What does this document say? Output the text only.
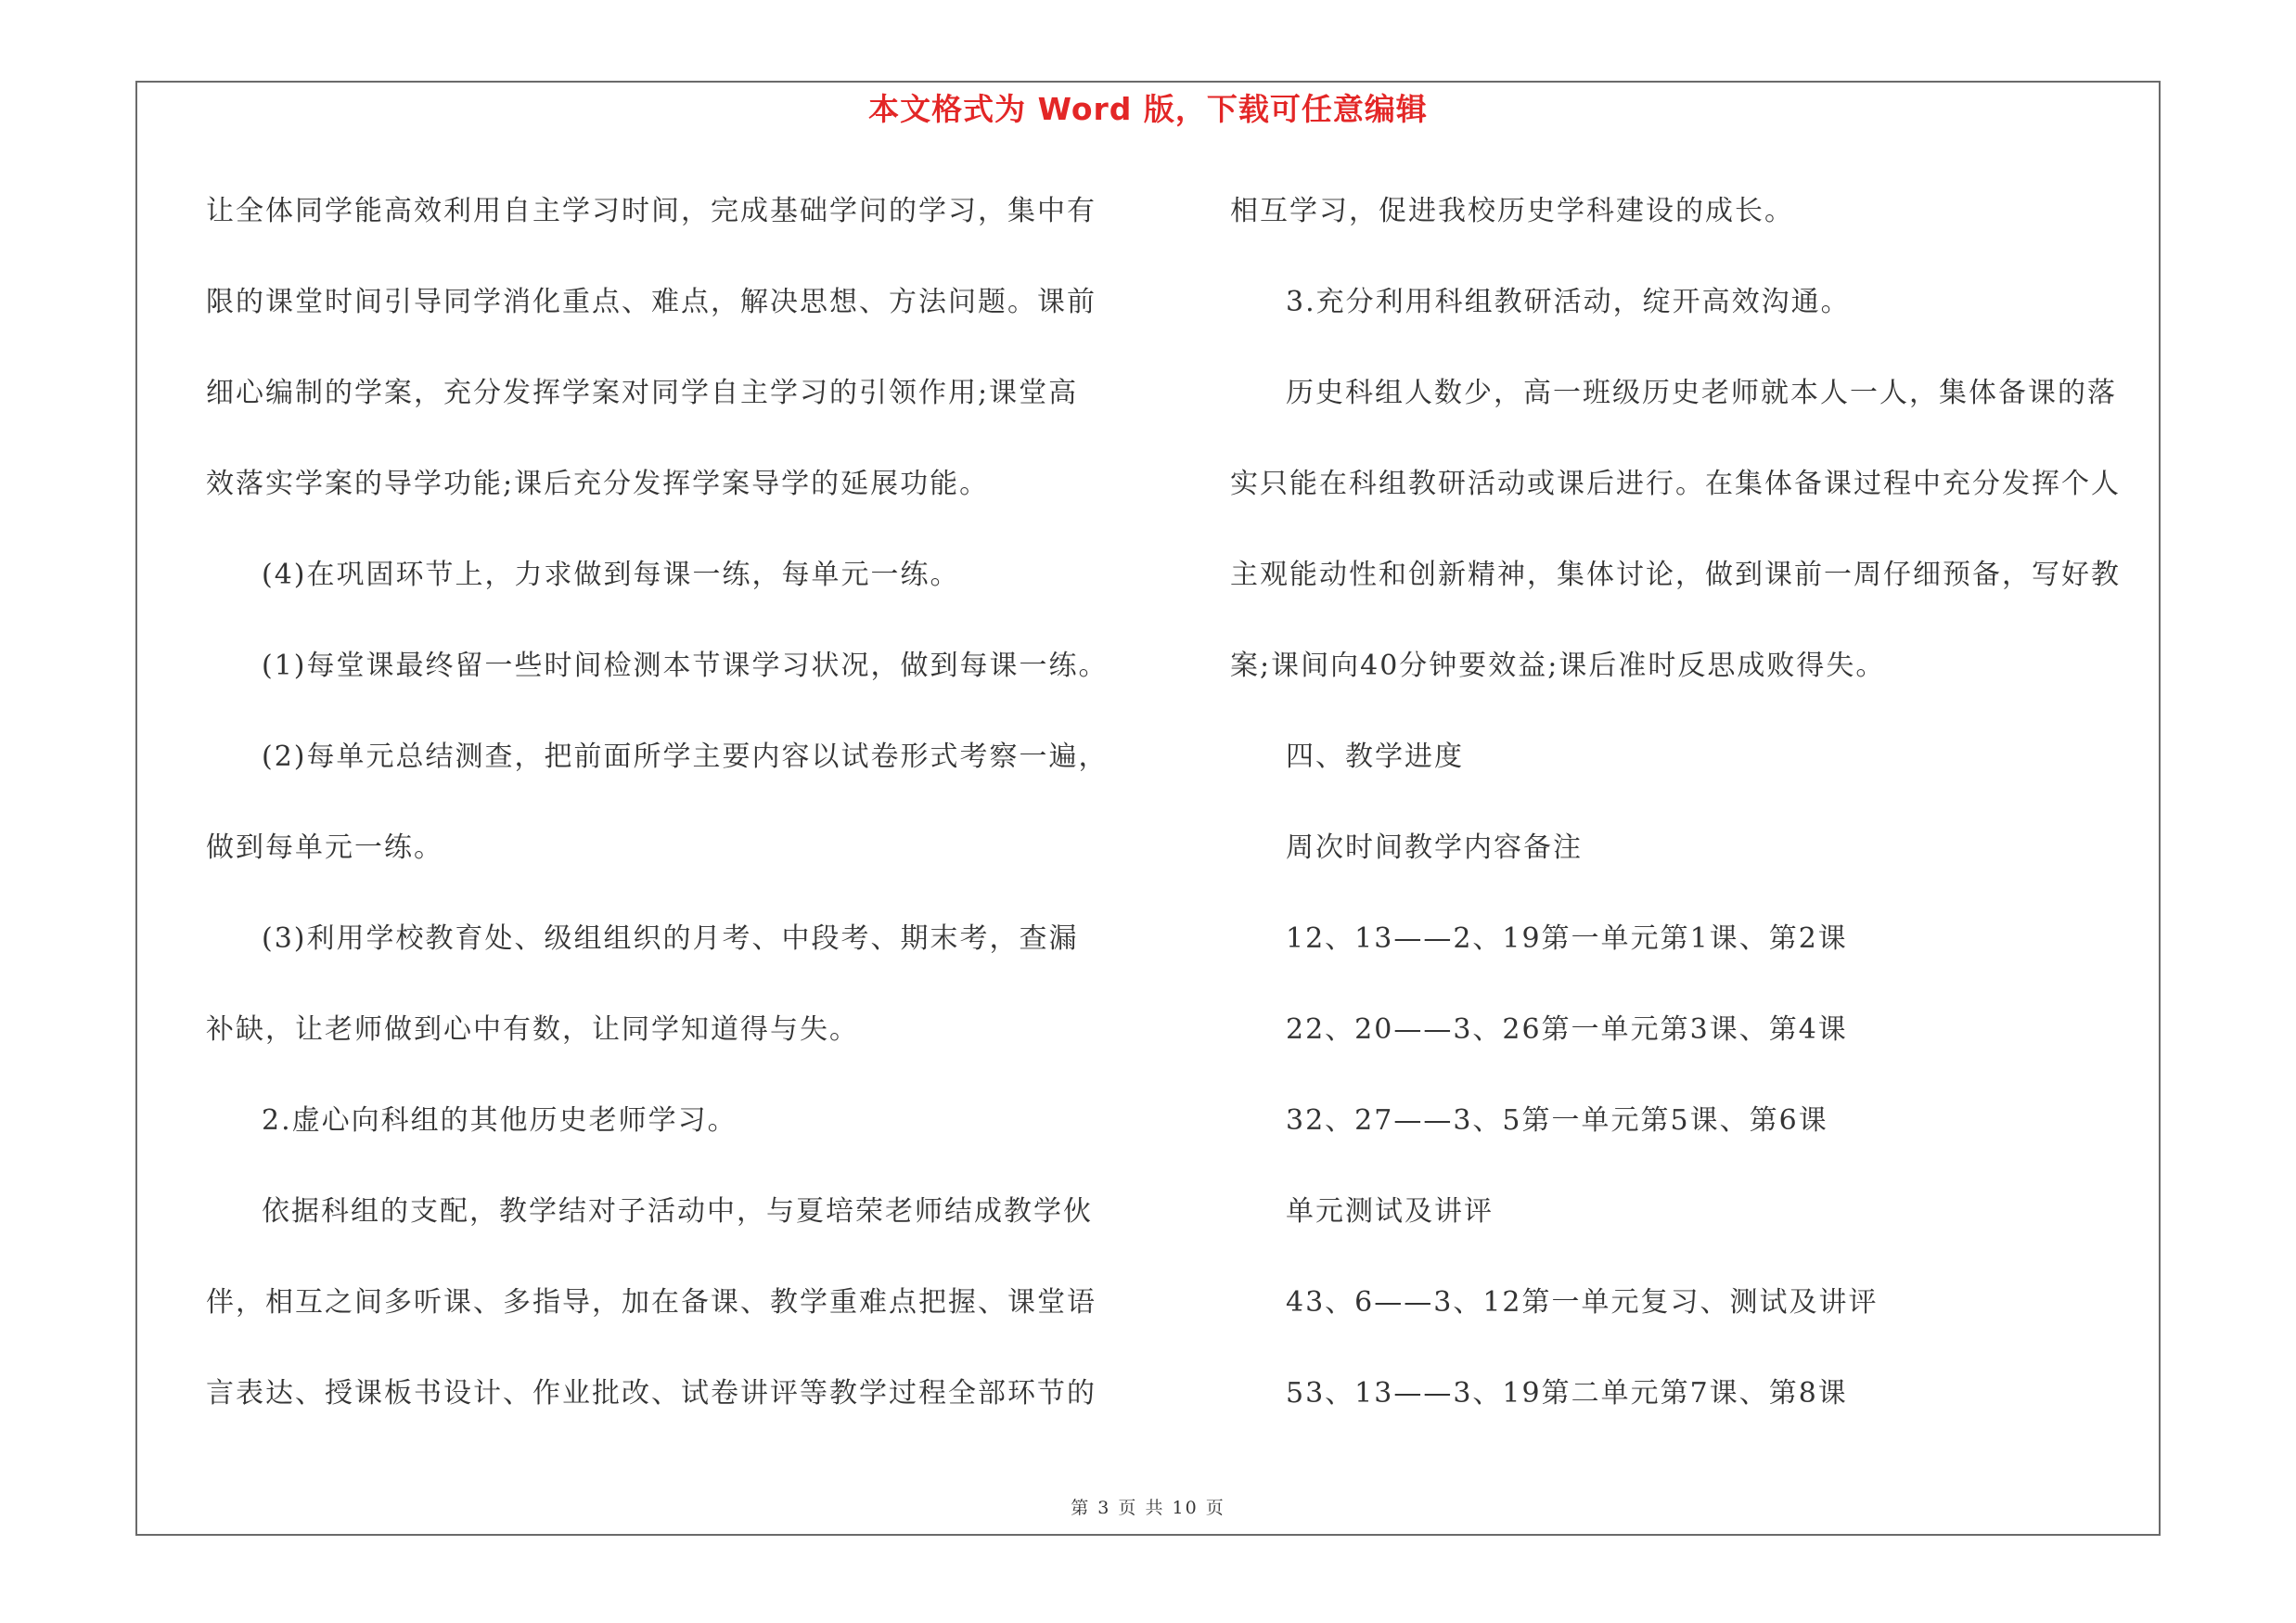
本文格式为 Word 版，下载可任意编辑
让全体同学能高效利用自主学习时间，完成基础学问的学习，集中有
限的课堂时间引导同学消化重点、难点，解决思想、方法问题。课前
细心编制的学案，充分发挥学案对同学自主学习的引领作用;课堂高
效落实学案的导学功能;课后充分发挥学案导学的延展功能。
(4)在巩固环节上，力求做到每课一练，每单元一练。
(1)每堂课最终留一些时间检测本节课学习状况，做到每课一练。
(2)每单元总结测查，把前面所学主要内容以试卷形式考察一遍，
做到每单元一练。
(3)利用学校教育处、级组组织的月考、中段考、期末考，查漏
补缺，让老师做到心中有数，让同学知道得与失。
2.虚心向科组的其他历史老师学习。
依据科组的支配，教学结对子活动中，与夏培荣老师结成教学伙
伴，相互之间多听课、多指导，加在备课、教学重难点把握、课堂语
言表达、授课板书设计、作业批改、试卷讲评等教学过程全部环节的
相互学习，促进我校历史学科建设的成长。
3.充分利用科组教研活动，绽开高效沟通。
历史科组人数少，高一班级历史老师就本人一人，集体备课的落
实只能在科组教研活动或课后进行。在集体备课过程中充分发挥个人
主观能动性和创新精神，集体讨论，做到课前一周仔细预备，写好教
案;课间向40分钟要效益;课后准时反思成败得失。
四、教学进度
周次时间教学内容备注
12、13——2、19第一单元第1课、第2课
22、20——3、26第一单元第3课、第4课
32、27——3、5第一单元第5课、第6课
单元测试及讲评
43、6——3、12第一单元复习、测试及讲评
53、13——3、19第二单元第7课、第8课
第 3 页 共 10 页
